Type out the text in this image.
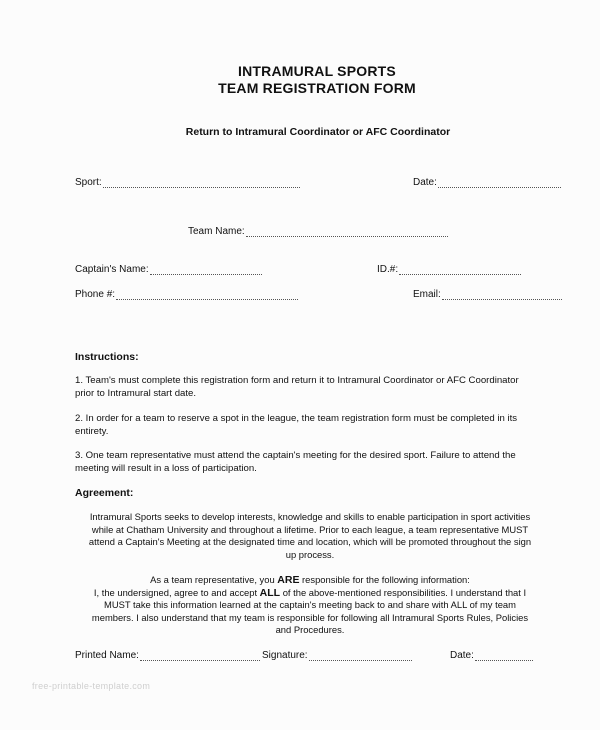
INTRAMURAL SPORTS
TEAM REGISTRATION FORM
Return to Intramural Coordinator or AFC Coordinator
Sport:	Date:
Team Name:
Captain's Name:	ID.#:
Phone #:	Email:
Instructions:
1. Team's must complete this registration form and return it to Intramural Coordinator or AFC Coordinator
prior to Intramural start date.
2. In order for a team to reserve a spot in the league, the team registration form must be completed in its
entirety.
3. One team representative must attend the captain's meeting for the desired sport. Failure to attend the
meeting will result in a loss of participation.
Agreement:
Intramural Sports seeks to develop interests, knowledge and skills to enable participation in sport activities
while at Chatham University and throughout a lifetime. Prior to each league, a team representative MUST
attend a Captain's Meeting at the designated time and location, which will be promoted throughout the sign
up process.
As a team representative, you ARE responsible for the following information:
I, the undersigned, agree to and accept ALL of the above-mentioned responsibilities. I understand that I
MUST take this information learned at the captain's meeting back to and share with ALL of my team
members. I also understand that my team is responsible for following all Intramural Sports Rules, Policies
and Procedures.
Printed Name:	Signature:	Date:
free-printable-template.com
